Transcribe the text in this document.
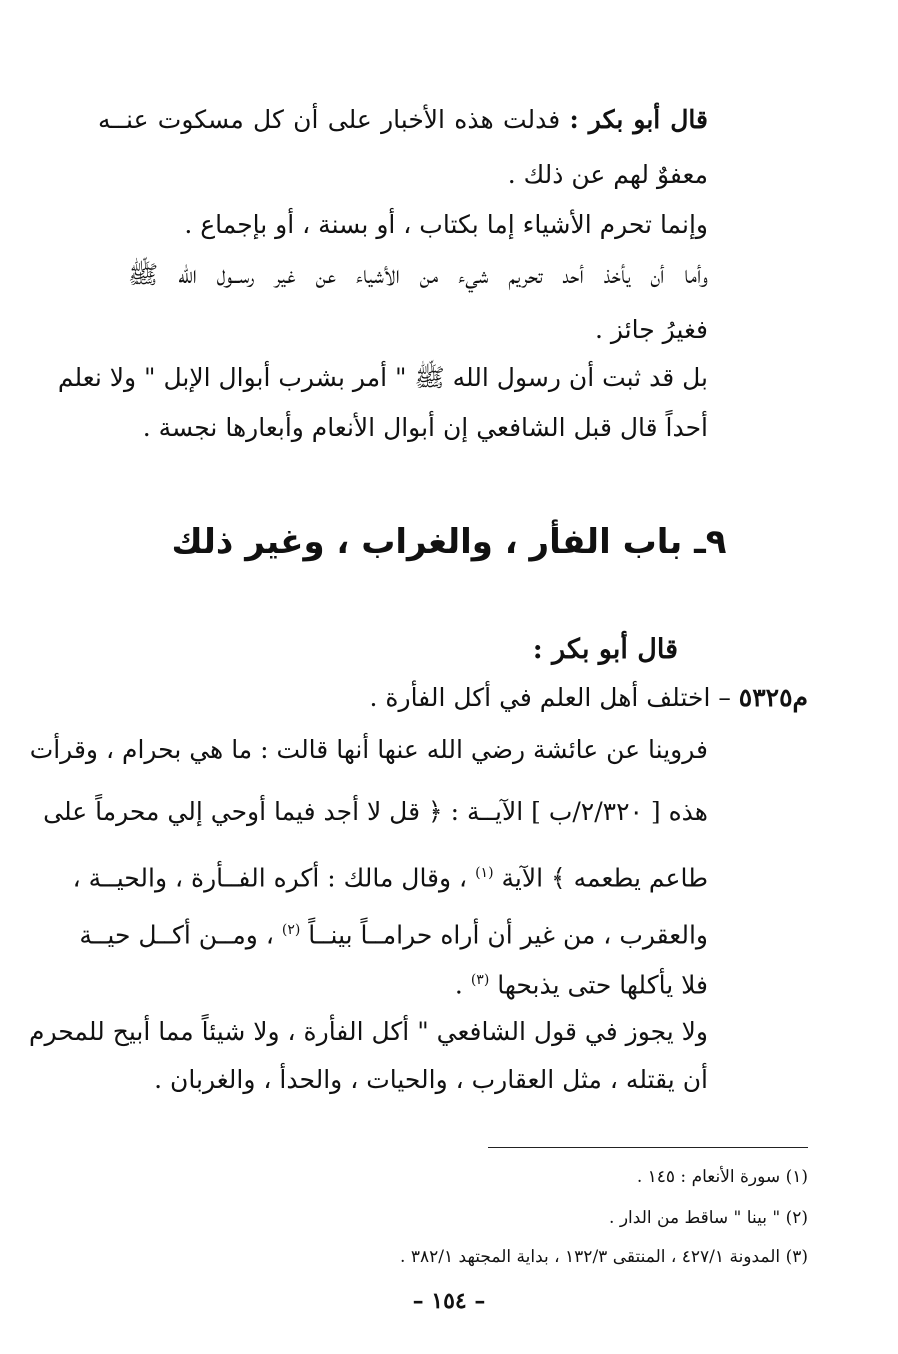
قال أبو بكر : فدلت هذه الأخبار على أن كل مسكوت عنــه
معفوٌ لهم عن ذلك .
وإنما تحرم الأشياء إما بكتاب ، أو بسنة ، أو بإجماع .
وأما أن يأخذ أحد تحريم شيء من الأشياء عن غير رســول الله ﷺ
فغيرُ جائز .
بل قد ثبت أن رسول الله ﷺ " أمر بشرب أبوال الإبل " ولا نعلم
أحداً قال قبل الشافعي إن أبوال الأنعام وأبعارها نجسة .
٩ـ باب الفأر ، والغراب ، وغير ذلك
قال أبو بكر :
م٥٣٢٥ – اختلف أهل العلم في أكل الفأرة .
فروينا عن عائشة رضي الله عنها أنها قالت : ما هي بحرام ، وقرأت
هذه [ ٢/٣٢٠/ب ] الآيــة : ﴿ قل لا أجد فيما أوحي إلي محرماً على
طاعم يطعمه ﴾ الآية $^{(١)}$ ، وقال مالك : أكره الفــأرة ، والحيــة ،
والعقرب ، من غير أن أراه حرامــاً بينــاً $^{(٢)}$ ، ومــن أكــل حيــة
فلا يأكلها حتى يذبحها $^{(٣)}$ .
ولا يجوز في قول الشافعي " أكل الفأرة ، ولا شيئاً مما أبيح للمحرم
أن يقتله ، مثل العقارب ، والحيات ، والحدأ ، والغربان .
(١) سورة الأنعام : ١٤٥ .
(٢) " بينا " ساقط من الدار .
(٣) المدونة ٤٢٧/١ ، المنتقى ١٣٢/٣ ، بداية المجتهد ٣٨٢/١ .
– ١٥٤ –
